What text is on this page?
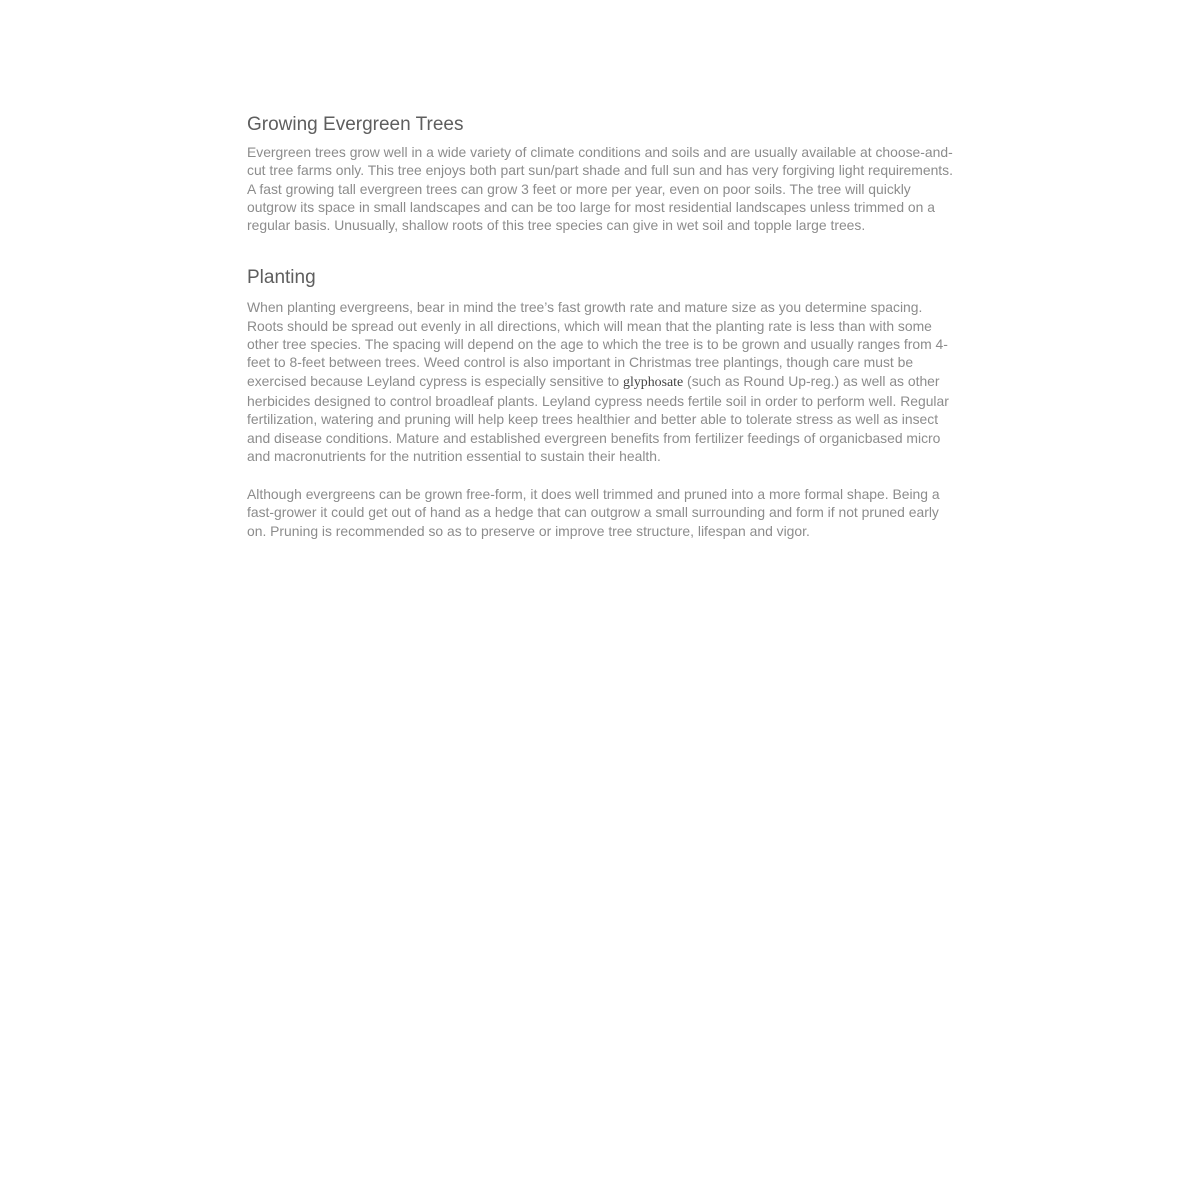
Growing Evergreen Trees

Evergreen trees grow well in a wide variety of climate conditions and soils and are usually available at choose-and-cut tree farms only. This tree enjoys both part sun/part shade and full sun and has very forgiving light requirements. A fast growing tall evergreen trees can grow 3 feet or more per year, even on poor soils. The tree will quickly outgrow its space in small landscapes and can be too large for most residential landscapes unless trimmed on a regular basis. Unusually, shallow roots of this tree species can give in wet soil and topple large trees.

Planting

When planting evergreens, bear in mind the tree’s fast growth rate and mature size as you determine spacing. Roots should be spread out evenly in all directions, which will mean that the planting rate is less than with some other tree species. The spacing will depend on the age to which the tree is to be grown and usually ranges from 4-feet to 8-feet between trees. Weed control is also important in Christmas tree plantings, though care must be exercised because Leyland cypress is especially sensitive to glyphosate (such as Round Up-reg.) as well as other herbicides designed to control broadleaf plants. Leyland cypress needs fertile soil in order to perform well. Regular fertilization, watering and pruning will help keep trees healthier and better able to tolerate stress as well as insect and disease conditions. Mature and established evergreen benefits from fertilizer feedings of organicbased micro and macronutrients for the nutrition essential to sustain their health.

Although evergreens can be grown free-form, it does well trimmed and pruned into a more formal shape. Being a fast-grower it could get out of hand as a hedge that can outgrow a small surrounding and form if not pruned early on. Pruning is recommended so as to preserve or improve tree structure, lifespan and vigor.
